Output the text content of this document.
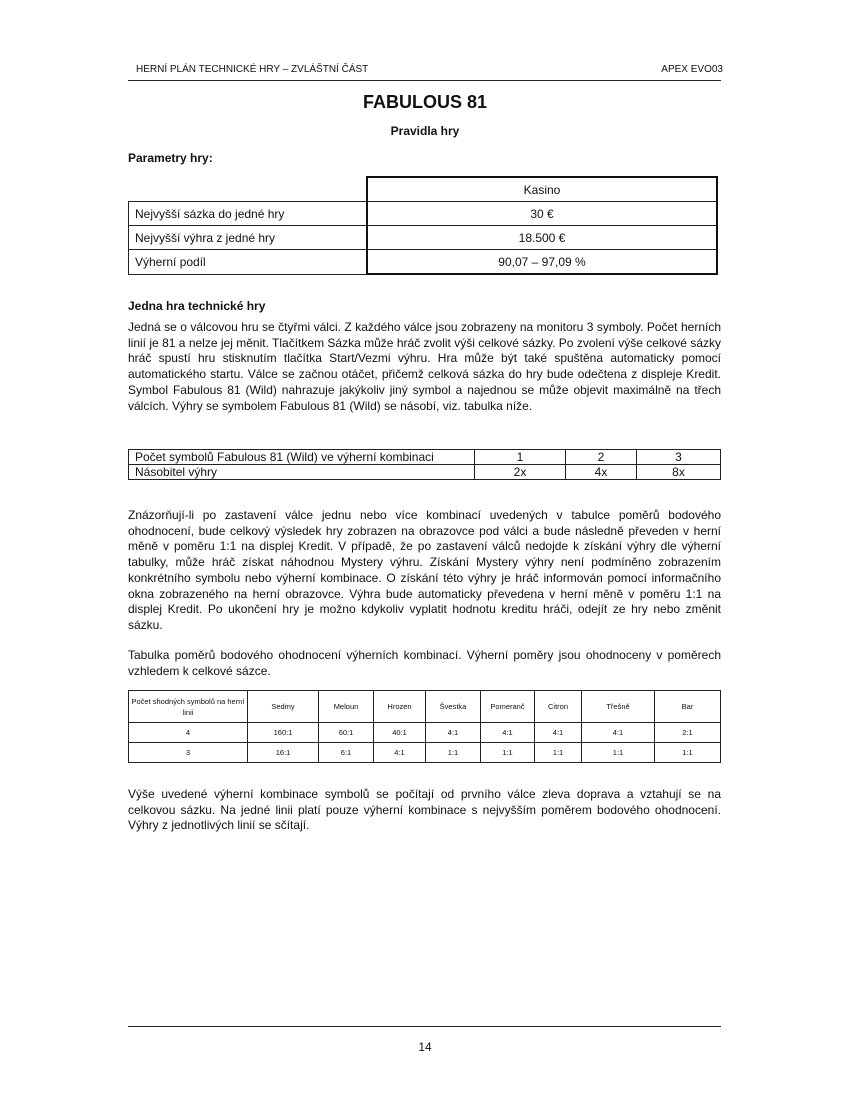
HERNÍ PLÁN TECHNICKÉ HRY – ZVLÁŠTNÍ ČÁST	APEX EVO03
FABULOUS 81
Pravidla hry
Parametry hry:
	Kasino
Nejvyšší sázka do jedné hry	30 €
Nejvyšší výhra z jedné hry	18.500 €
Výherní podíl	90,07 – 97,09 %
Jedna hra technické hry
Jedná se o válcovou hru se čtyřmi válci. Z každého válce jsou zobrazeny na monitoru 3 symboly. Počet herních linií je 81 a nelze jej měnit. Tlačítkem Sázka může hráč zvolit výši celkové sázky. Po zvolení výše celkové sázky hráč spustí hru stisknutím tlačítka Start/Vezmi výhru. Hra může být také spuštěna automaticky pomocí automatického startu. Válce se začnou otáčet, přičemž celková sázka do hry bude odečtena z displeje Kredit. Symbol Fabulous 81 (Wild) nahrazuje jakýkoliv jiný symbol a najednou se může objevit maximálně na třech válcích. Výhry se symbolem Fabulous 81 (Wild) se násobí, viz. tabulka níže.
Počet symbolů Fabulous 81 (Wild) ve výherní kombinaci	1	2	3
Násobitel výhry	2x	4x	8x
Znázorňují-li po zastavení válce jednu nebo více kombinací uvedených v tabulce poměrů bodového ohodnocení, bude celkový výsledek hry zobrazen na obrazovce pod válci a bude následně převeden v herní měně v poměru 1:1 na displej Kredit. V případě, že po zastavení válců nedojde k získání výhry dle výherní tabulky, může hráč získat náhodnou Mystery výhru. Získání Mystery výhry není podmíněno zobrazením konkrétního symbolu nebo výherní kombinace. O získání této výhry je hráč informován pomocí informačního okna zobrazeného na herní obrazovce. Výhra bude automaticky převedena v herní měně v poměru 1:1 na displej Kredit. Po ukončení hry je možno kdykoliv vyplatit hodnotu kreditu hráči, odejít ze hry nebo změnit sázku.
Tabulka poměrů bodového ohodnocení výherních kombinací. Výherní poměry jsou ohodnoceny v poměrech vzhledem k celkové sázce.
Počet shodných symbolů na herní linii	Sedmy	Meloun	Hrozen	Švestka	Pomeranč	Citron	Třešně	Bar
4	160:1	60:1	40:1	4:1	4:1	4:1	4:1	2:1
3	16:1	6:1	4:1	1:1	1:1	1:1	1:1	1:1
Výše uvedené výherní kombinace symbolů se počítají od prvního válce zleva doprava a vztahují se na celkovou sázku. Na jedné linii platí pouze výherní kombinace s nejvyšším poměrem bodového ohodnocení.   Výhry z jednotlivých linií se sčítají.
14
